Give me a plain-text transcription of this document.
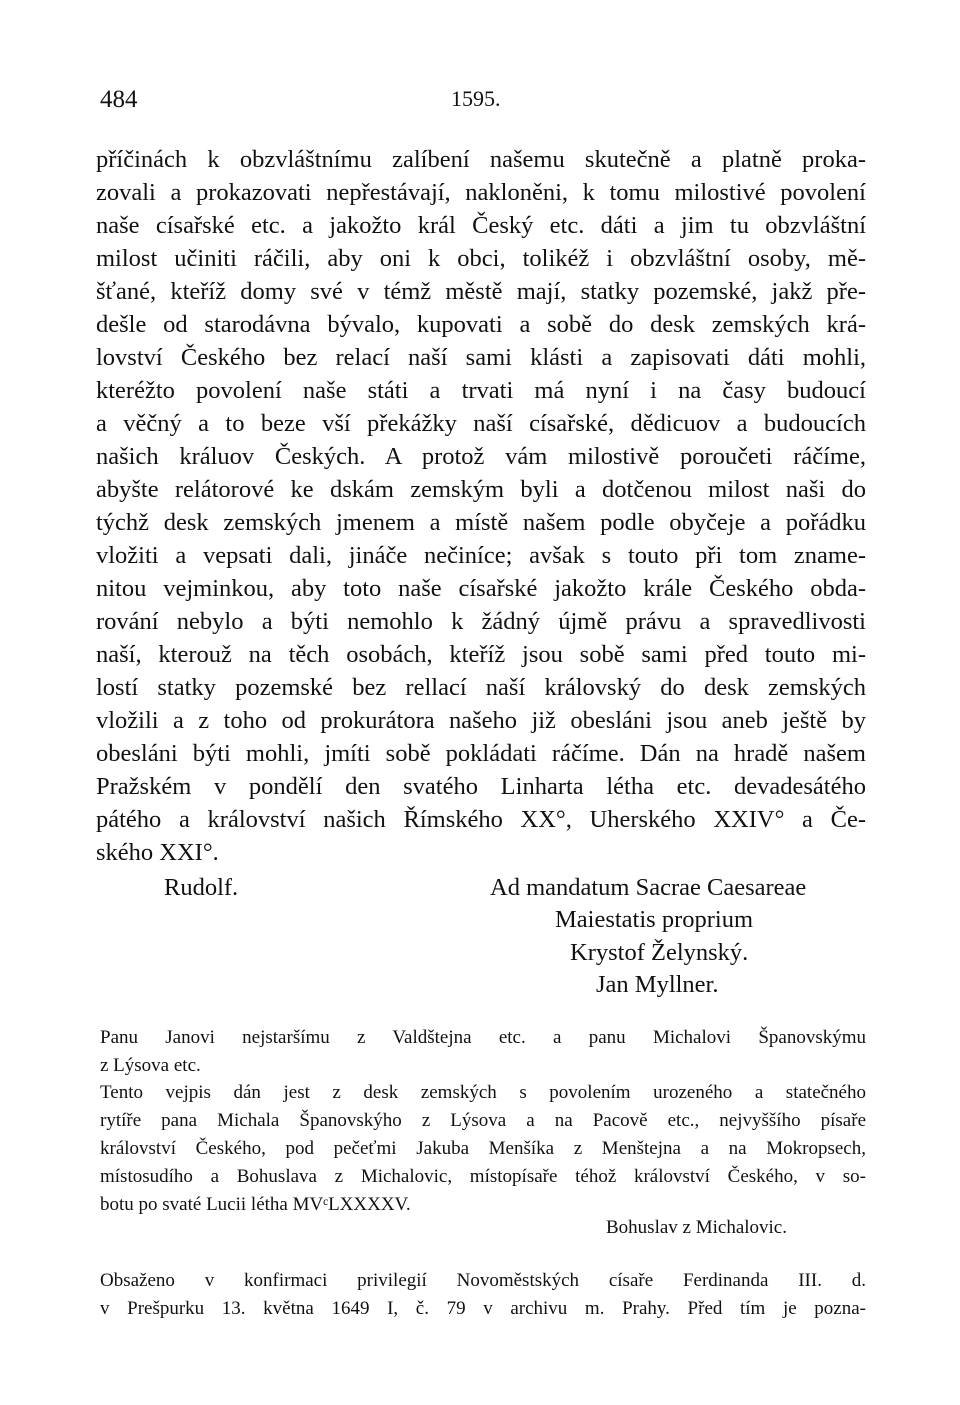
484	1595.
příčinách k obzvláštnímu zalíbení našemu skutečně a platně proka-
zovali a prokazovati nepřestávají, nakloněni, k tomu milostivé povolení
naše císařské etc. a jakožto král Český etc. dáti a jim tu obzvláštní
milost učiniti ráčili, aby oni k obci, tolikéž i obzvláštní osoby, mě-
šťané, kteříž domy své v témž městě mají, statky pozemské, jakž pře-
dešle od starodávna bývalo, kupovati a sobě do desk zemských krá-
lovství Českého bez relací naší sami klásti a zapisovati dáti mohli,
kteréžto povolení naše státi a trvati má nyní i na časy budoucí
a věčný a to beze vší překážky naší císařské, dědicuov a budoucích
našich králuov Českých. A protož vám milostivě poroučeti ráčíme,
abyšte relátorové ke dskám zemským byli a dotčenou milost naši do
týchž desk zemských jmenem a místě našem podle obyčeje a pořádku
vložiti a vepsati dali, jináče nečiníce; avšak s touto při tom zname-
nitou vejminkou, aby toto naše císařské jakožto krále Českého obda-
rování nebylo a býti nemohlo k žádný újmě právu a spravedlivosti
naší, kterouž na těch osobách, kteříž jsou sobě sami před touto mi-
lostí statky pozemské bez rellací naší královský do desk zemských
vložili a z toho od prokurátora našeho již obesláni jsou aneb ještě by
obesláni býti mohli, jmíti sobě pokládati ráčíme. Dán na hradě našem
Pražském v pondělí den svatého Linharta létha etc. devadesátého
pátého a království našich Římského XX°, Uherského XXIV° a Če-
ského XXI°.
Rudolf.	Ad mandatum Sacrae Caesareae
Maiestatis proprium
Krystof Želynský.
Jan Myllner.
Panu Janovi nejstaršímu z Valdštejna etc. a panu Michalovi Španovskýmu
z Lýsova etc.
Tento vejpis dán jest z desk zemských s povolením urozeného a statečného
rytíře pana Michala Španovskýho z Lýsova a na Pacově etc., nejvyššího písaře
království Českého, pod pečeťmi Jakuba Menšíka z Menštejna a na Mokropsech,
místosudího a Bohuslava z Michalovic, místopísaře téhož království Českého, v so-
botu po svaté Lucii létha MVᶜLXXXXV.
Bohuslav z Michalovic.
Obsaženo v konfirmaci privilegií Novoměstských císaře Ferdinanda III. d.
v Prešpurku 13. května 1649 I, č. 79 v archivu m. Prahy. Před tím je pozna-
